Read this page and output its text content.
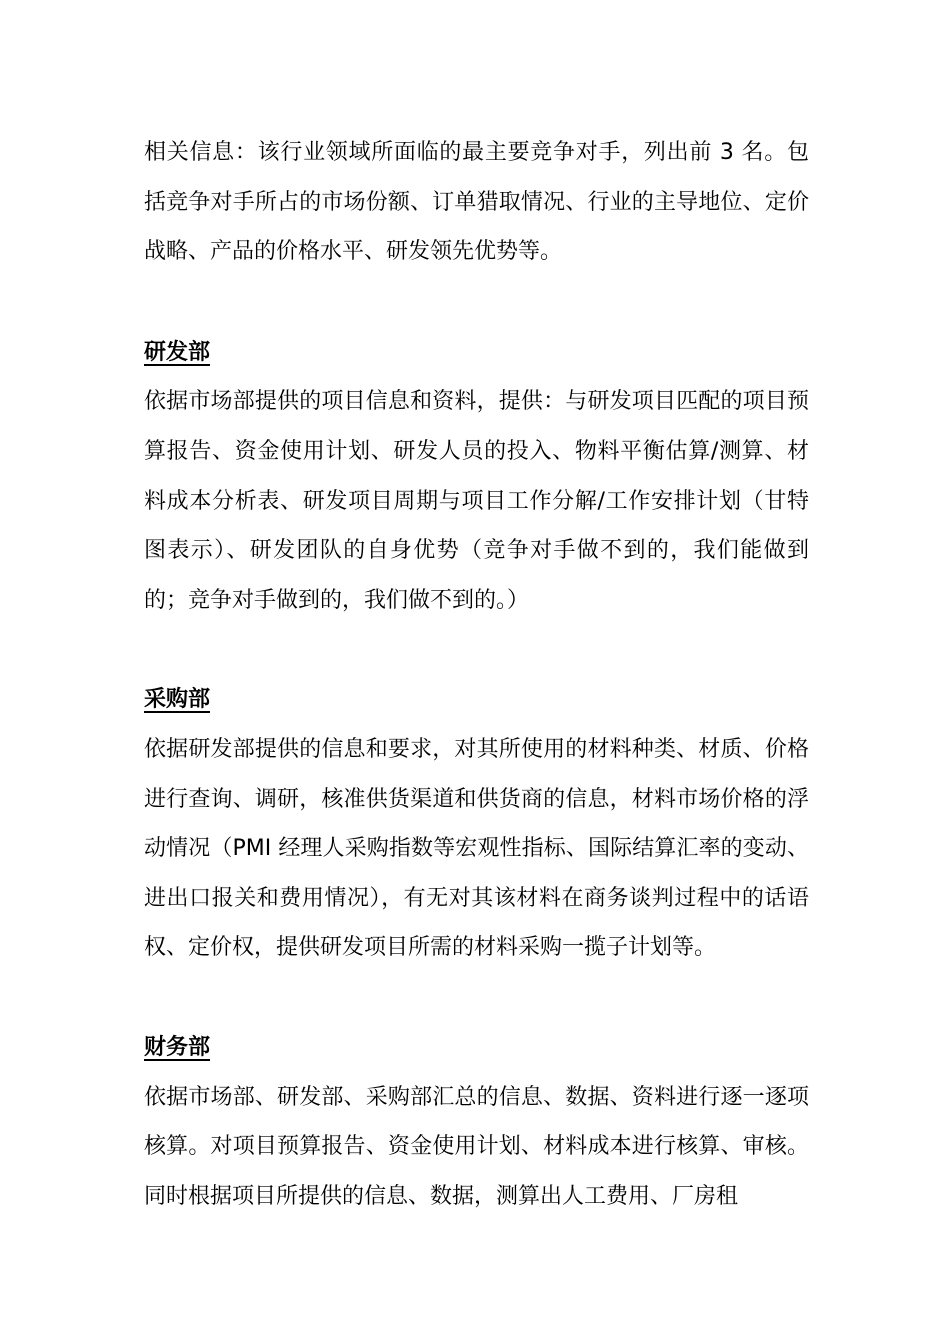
相关信息：该行业领域所面临的最主要竞争对手，列出前 3 名。包括竞争对手所占的市场份额、订单猎取情况、行业的主导地位、定价战略、产品的价格水平、研发领先优势等。

研发部

依据市场部提供的项目信息和资料，提供：与研发项目匹配的项目预算报告、资金使用计划、研发人员的投入、物料平衡估算/测算、材料成本分析表、研发项目周期与项目工作分解/工作安排计划（甘特图表示）、研发团队的自身优势（竞争对手做不到的，我们能做到的；竞争对手做到的，我们做不到的。）

采购部

依据研发部提供的信息和要求，对其所使用的材料种类、材质、价格进行查询、调研，核准供货渠道和供货商的信息，材料市场价格的浮动情况（PMI 经理人采购指数等宏观性指标、国际结算汇率的变动、进出口报关和费用情况），有无对其该材料在商务谈判过程中的话语权、定价权，提供研发项目所需的材料采购一揽子计划等。

财务部

依据市场部、研发部、采购部汇总的信息、数据、资料进行逐一逐项核算。对项目预算报告、资金使用计划、材料成本进行核算、审核。同时根据项目所提供的信息、数据，测算出人工费用、厂房租
